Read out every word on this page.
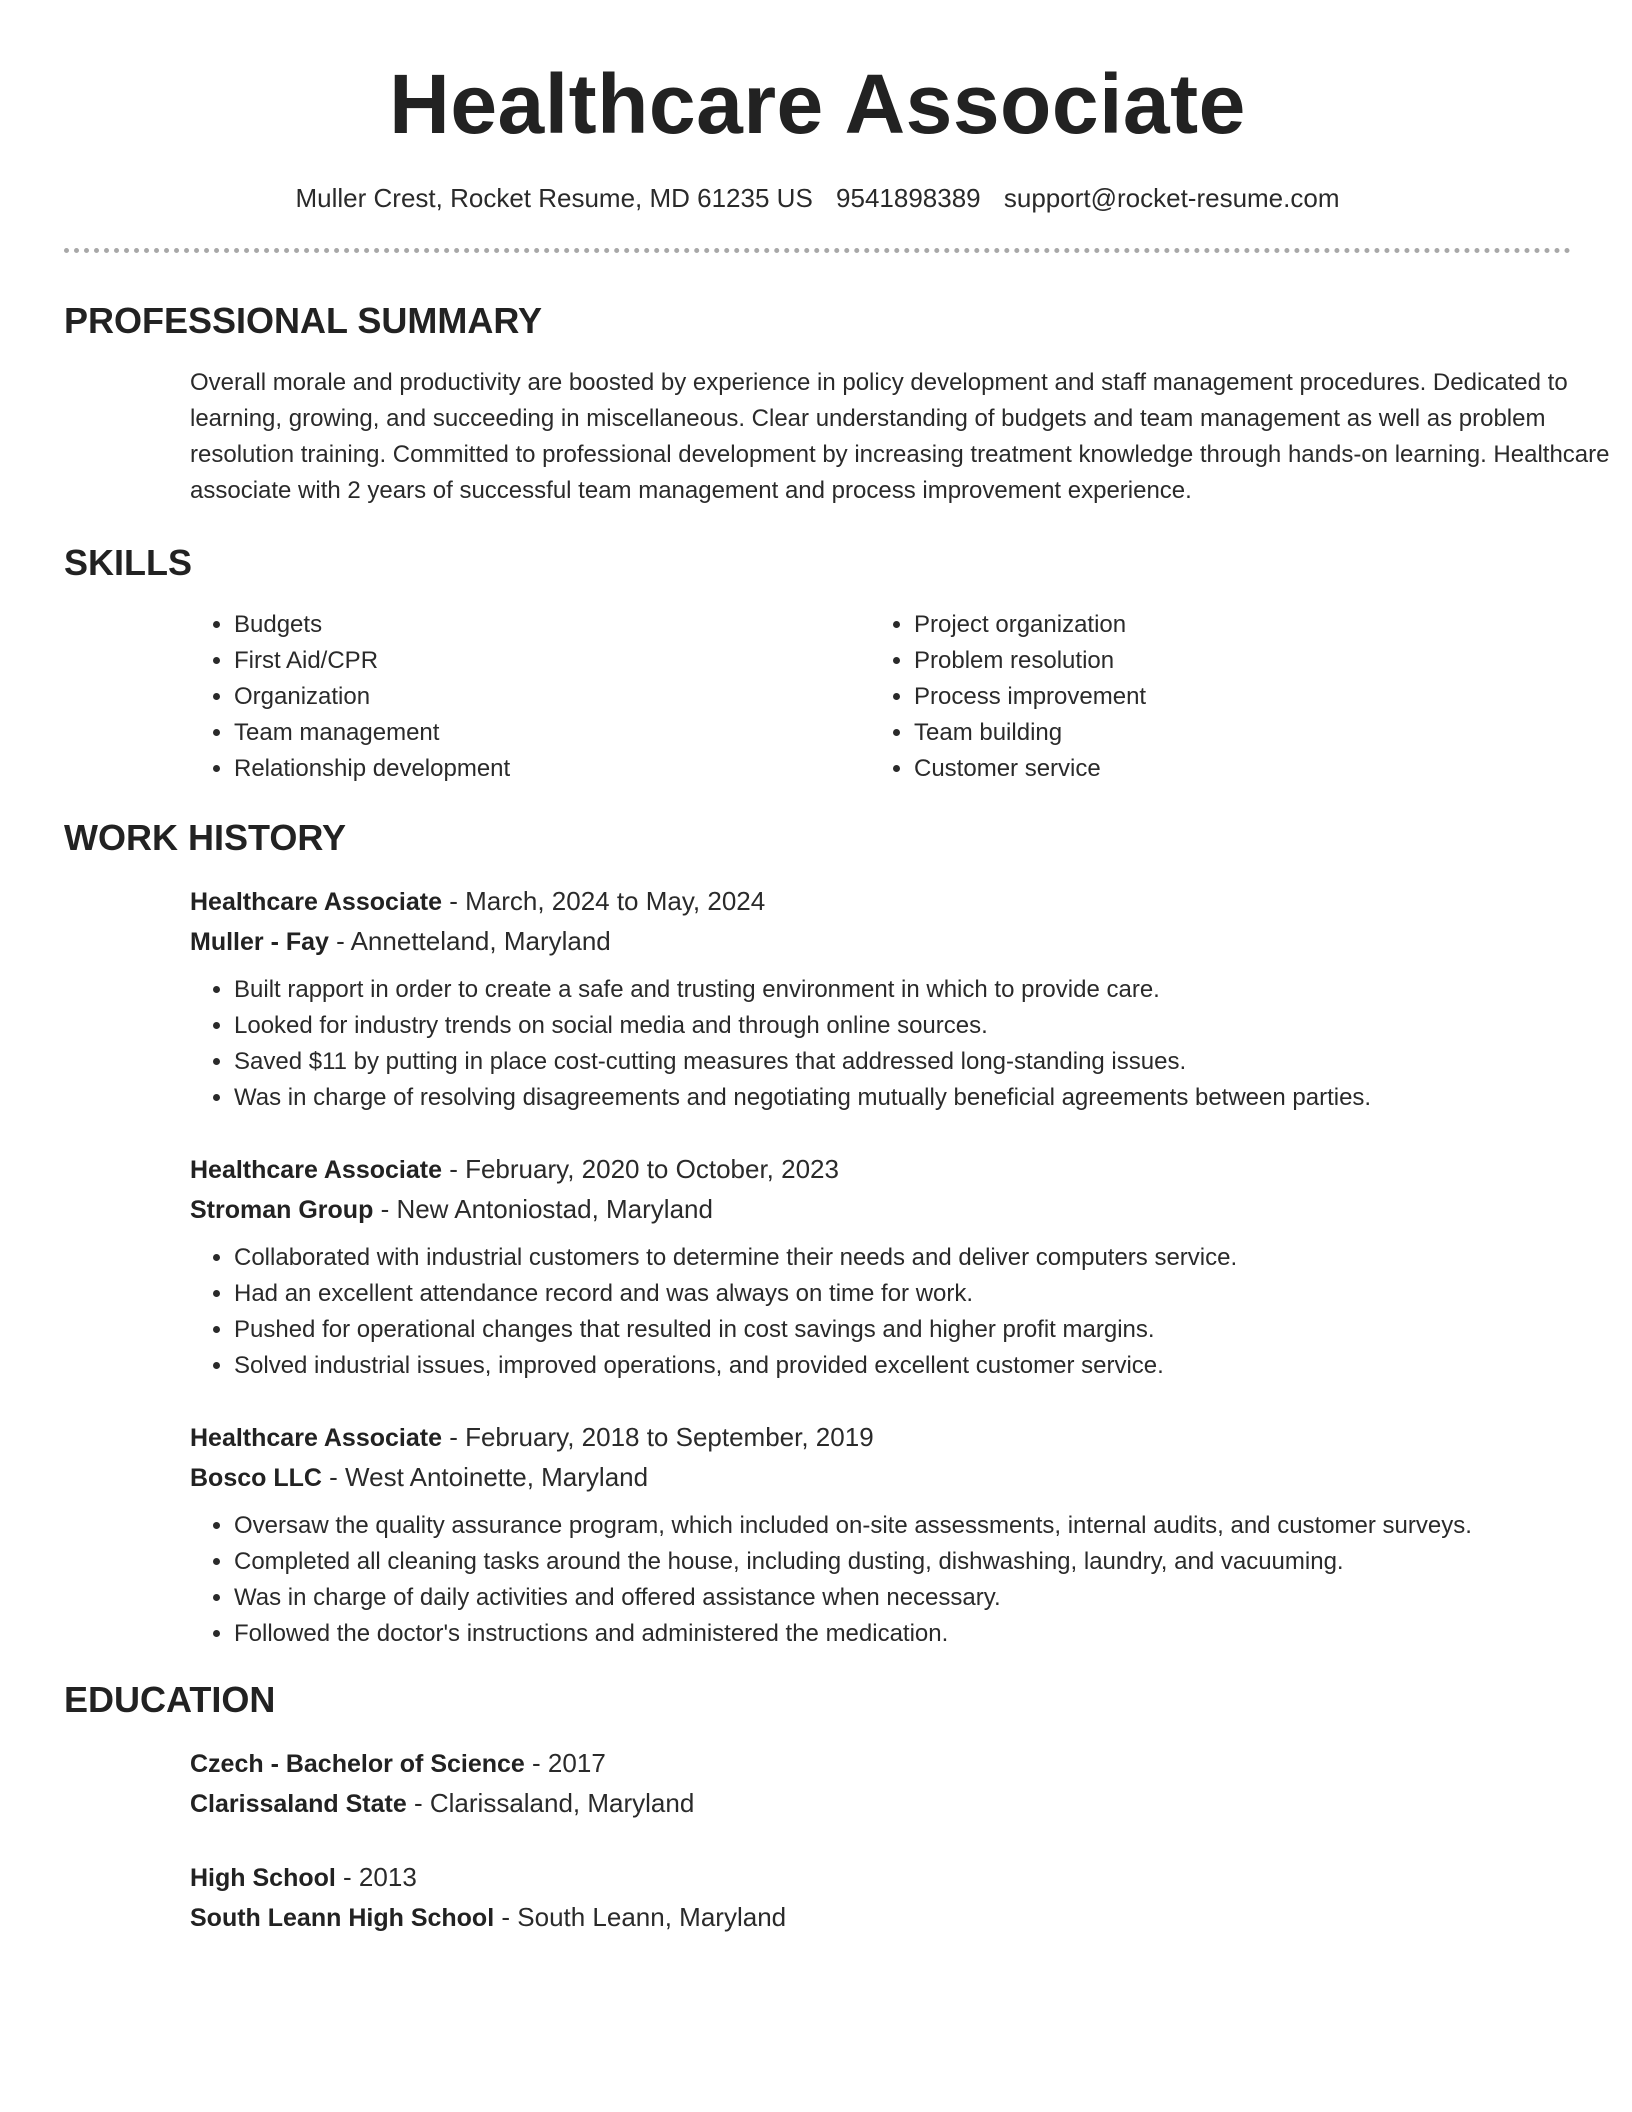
Healthcare Associate
Muller Crest, Rocket Resume, MD 61235 US 9541898389 support@rocket-resume.com
PROFESSIONAL SUMMARY
Overall morale and productivity are boosted by experience in policy development and staff management procedures. Dedicated to learning, growing, and succeeding in miscellaneous. Clear understanding of budgets and team management as well as problem resolution training. Committed to professional development by increasing treatment knowledge through hands-on learning. Healthcare associate with 2 years of successful team management and process improvement experience.
SKILLS
• Budgets
• First Aid/CPR
• Organization
• Team management
• Relationship development
• Project organization
• Problem resolution
• Process improvement
• Team building
• Customer service
WORK HISTORY
Healthcare Associate - March, 2024 to May, 2024
Muller - Fay - Annetteland, Maryland
• Built rapport in order to create a safe and trusting environment in which to provide care.
• Looked for industry trends on social media and through online sources.
• Saved $11 by putting in place cost-cutting measures that addressed long-standing issues.
• Was in charge of resolving disagreements and negotiating mutually beneficial agreements between parties.
Healthcare Associate - February, 2020 to October, 2023
Stroman Group - New Antoniostad, Maryland
• Collaborated with industrial customers to determine their needs and deliver computers service.
• Had an excellent attendance record and was always on time for work.
• Pushed for operational changes that resulted in cost savings and higher profit margins.
• Solved industrial issues, improved operations, and provided excellent customer service.
Healthcare Associate - February, 2018 to September, 2019
Bosco LLC - West Antoinette, Maryland
• Oversaw the quality assurance program, which included on-site assessments, internal audits, and customer surveys.
• Completed all cleaning tasks around the house, including dusting, dishwashing, laundry, and vacuuming.
• Was in charge of daily activities and offered assistance when necessary.
• Followed the doctor's instructions and administered the medication.
EDUCATION
Czech - Bachelor of Science - 2017
Clarissaland State - Clarissaland, Maryland
High School - 2013
South Leann High School - South Leann, Maryland
